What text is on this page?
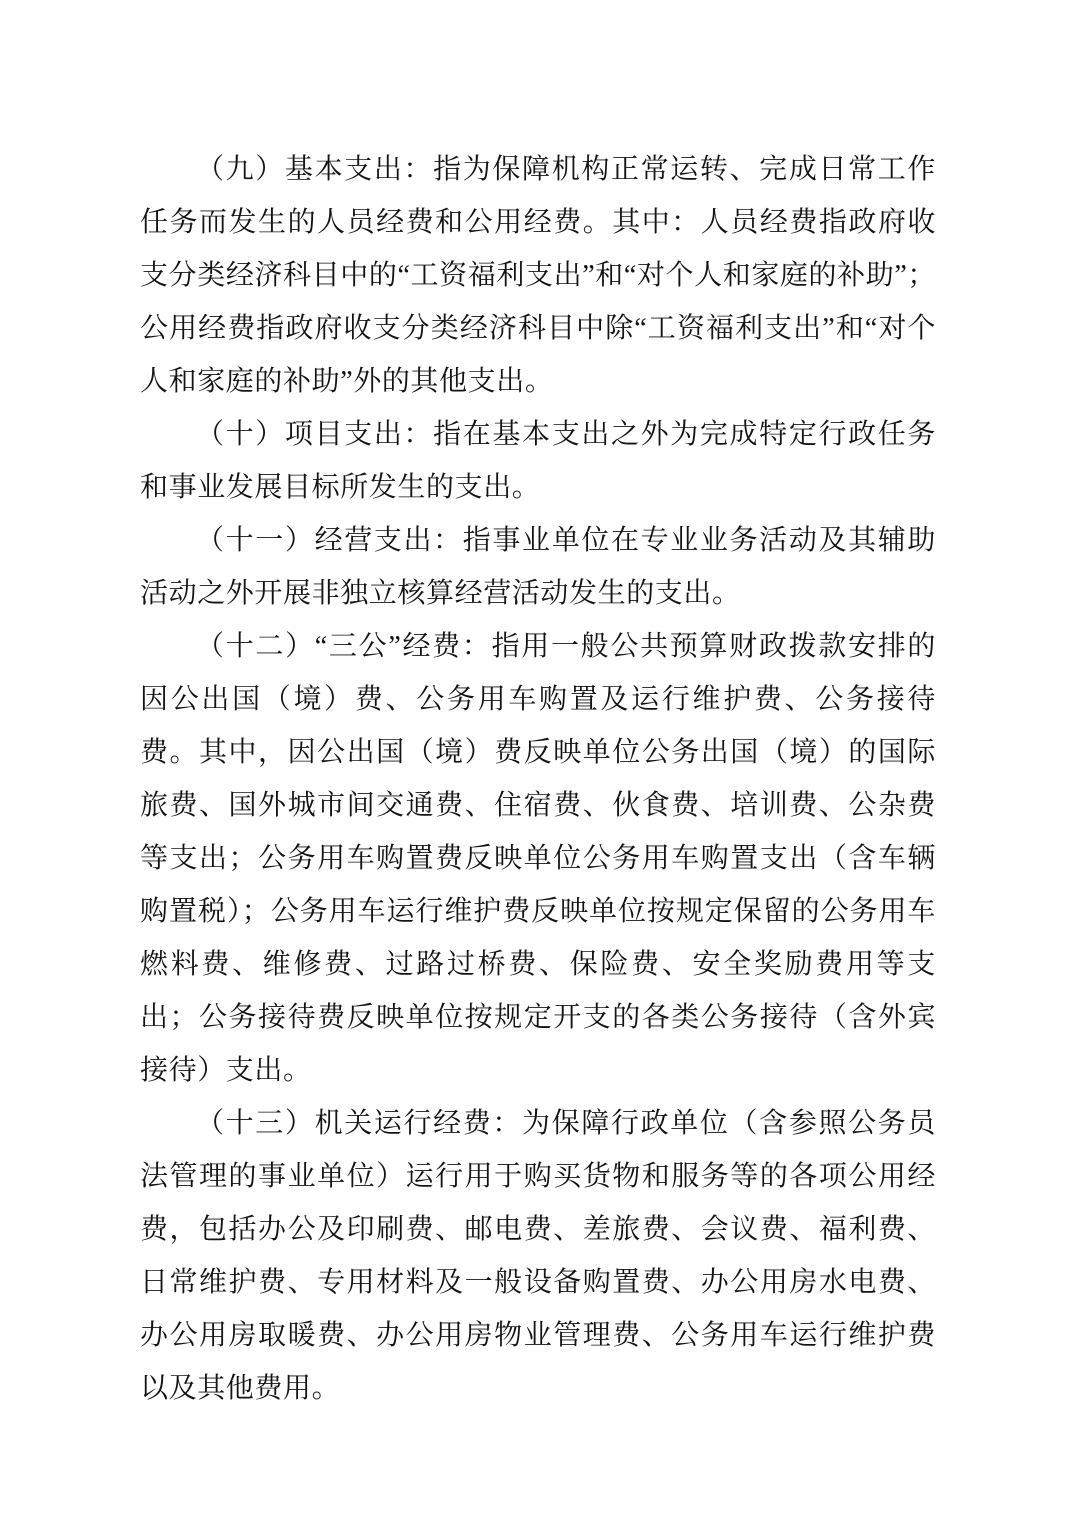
（九）基本支出：指为保障机构正常运转、完成日常工作任务而发生的人员经费和公用经费。其中：人员经费指政府收支分类经济科目中的“工资福利支出”和“对个人和家庭的补助”；公用经费指政府收支分类经济科目中除“工资福利支出”和“对个人和家庭的补助”外的其他支出。

（十）项目支出：指在基本支出之外为完成特定行政任务和事业发展目标所发生的支出。

（十一）经营支出：指事业单位在专业业务活动及其辅助活动之外开展非独立核算经营活动发生的支出。

（十二）“三公”经费：指用一般公共预算财政拨款安排的因公出国（境）费、公务用车购置及运行维护费、公务接待费。其中，因公出国（境）费反映单位公务出国（境）的国际旅费、国外城市间交通费、住宿费、伙食费、培训费、公杂费等支出；公务用车购置费反映单位公务用车购置支出（含车辆购置税）；公务用车运行维护费反映单位按规定保留的公务用车燃料费、维修费、过路过桥费、保险费、安全奖励费用等支出；公务接待费反映单位按规定开支的各类公务接待（含外宾接待）支出。

（十三）机关运行经费：为保障行政单位（含参照公务员法管理的事业单位）运行用于购买货物和服务等的各项公用经费，包括办公及印刷费、邮电费、差旅费、会议费、福利费、日常维护费、专用材料及一般设备购置费、办公用房水电费、办公用房取暖费、办公用房物业管理费、公务用车运行维护费以及其他费用。
